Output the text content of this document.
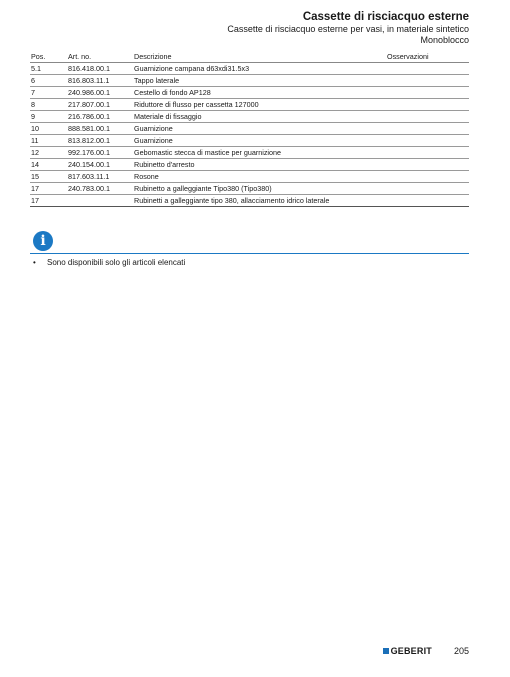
Cassette di risciacquo esterne
Cassette di risciacquo esterne per vasi, in materiale sintetico
Monoblocco
Pos.	Art. no.	Descrizione	Osservazioni
5.1	816.418.00.1	Guarnizione campana d63xdi31.5x3	
6	816.803.11.1	Tappo laterale	
7	240.986.00.1	Cestello di fondo AP128	
8	217.807.00.1	Riduttore di flusso per cassetta 127000	
9	216.786.00.1	Materiale di fissaggio	
10	888.581.00.1	Guarnizione	
11	813.812.00.1	Guarnizione	
12	992.176.00.1	Gebomastic stecca di mastice per guarnizione	
14	240.154.00.1	Rubinetto d'arresto	
15	817.603.11.1	Rosone	
17	240.783.00.1	Rubinetto a galleggiante Tipo380 (Tipo380)	
17		Rubinetti a galleggiante tipo 380, allacciamento idrico laterale	
i
• Sono disponibili solo gli articoli elencati
GEBERIT 205
